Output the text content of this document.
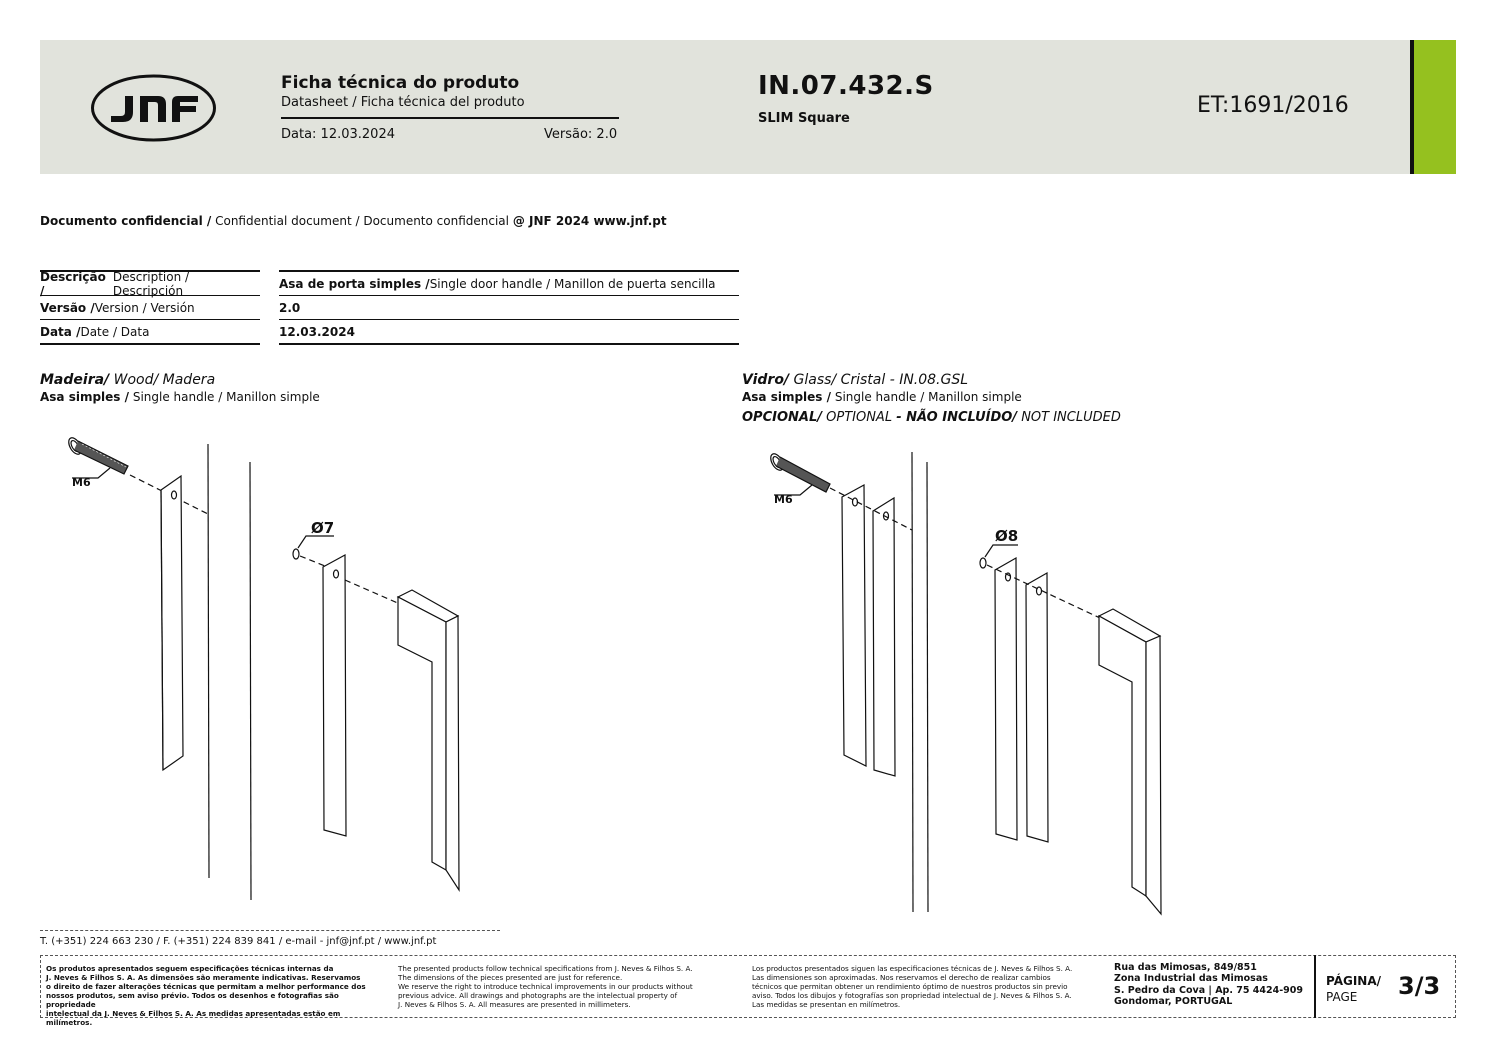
Ficha técnica do produto
Datasheet / Ficha técnica del produto
Data: 12.03.2024	Versão: 2.0
IN.07.432.S
SLIM Square
ET:1691/2016
Documento confidencial / Confidential document / Documento confidencial @ JNF 2024 www.jnf.pt
Descrição /
Description / Descripción
Versão / Version / Versión
Data / Date / Data
Asa de porta simples / Single door handle / Manillon de puerta sencilla
2.0
12.03.2024
Madeira/ Wood/ Madera
Asa simples / Single handle / Manillon simple
Vidro/ Glass/ Cristal - IN.08.GSL
Asa simples / Single handle / Manillon simple
OPCIONAL/ OPTIONAL - NÃO INCLUÍDO/ NOT INCLUDED
M6
Ø7
M6
Ø8
T. (+351) 224 663 230 / F. (+351) 224 839 841 / e-mail - jnf@jnf.pt / www.jnf.pt
Os produtos apresentados seguem especificações técnicas internas da
J. Neves & Filhos S. A. As dimensões são meramente indicativas. Reservamos
o direito de fazer alterações técnicas que permitam a melhor performance dos
nossos produtos, sem aviso prévio. Todos os desenhos e fotografias são propriedade
intelectual da J. Neves & Filhos S. A. As medidas apresentadas estão em milímetros.
The presented products follow technical specifications from J. Neves & Filhos S. A.
The dimensions of the pieces presented are just for reference.
We reserve the right to introduce technical improvements in our products without
previous advice. All drawings and photographs are the intelectual property of
J. Neves & Filhos S. A. All measures are presented in millimeters.
Los productos presentados siguen las especificaciones técnicas de J. Neves & Filhos S. A.
Las dimensiones son aproximadas. Nos reservamos el derecho de realizar cambios
técnicos que permitan obtener un rendimiento óptimo de nuestros productos sin previo
aviso. Todos los dibujos y fotografías son propriedad intelectual de J. Neves & Filhos S. A.
Las medidas se presentan en milímetros.
Rua das Mimosas, 849/851
Zona Industrial das Mimosas
S. Pedro da Cova | Ap. 75 4424-909
Gondomar, PORTUGAL
PÁGINA/
PAGE	3/3
